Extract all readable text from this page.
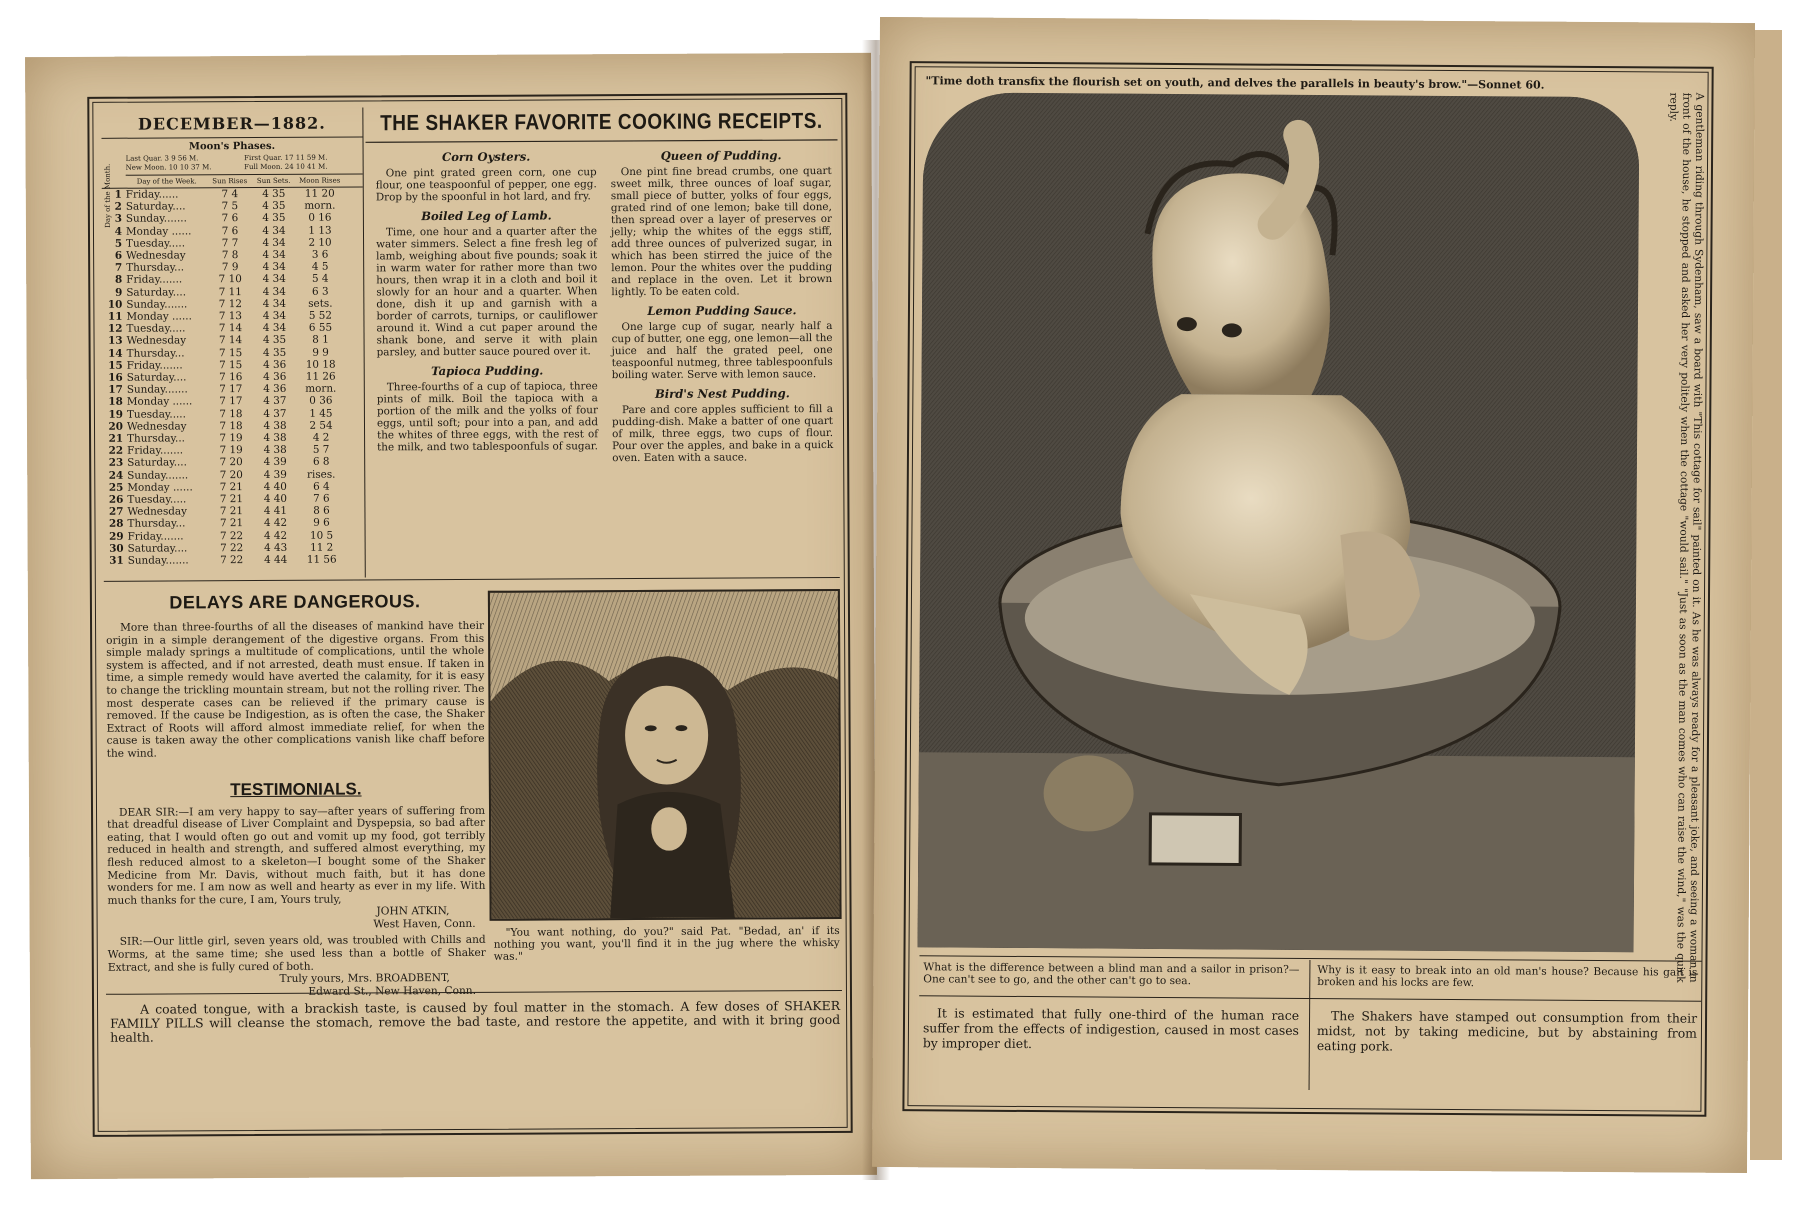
DECEMBER—1882.
Day of the Month.
Moon's Phases.
Last Quar. 3 9 56 M.	First Quar. 17 11 59 M.
New Moon. 10 10 37 M.	Full Moon. 24 10 41 M.
Day of the Week.	Sun Rises	Sun Sets.	Moon Rises
1 Friday......	7 4	4 35	11 20
2 Saturday....	7 5	4 35	morn.
3 Sunday.......	7 6	4 35	0 16
4 Monday ......	7 6	4 34	1 13
5 Tuesday.....	7 7	4 34	2 10
6 Wednesday	7 8	4 34	3 6
7 Thursday...	7 9	4 34	4 5
8 Friday.......	7 10	4 34	5 4
9 Saturday....	7 11	4 34	6 3
10 Sunday.......	7 12	4 34	sets.
11 Monday ......	7 13	4 34	5 52
12 Tuesday.....	7 14	4 34	6 55
13 Wednesday	7 14	4 35	8 1
14 Thursday...	7 15	4 35	9 9
15 Friday.......	7 15	4 36	10 18
16 Saturday....	7 16	4 36	11 26
17 Sunday.......	7 17	4 36	morn.
18 Monday ......	7 17	4 37	0 36
19 Tuesday.....	7 18	4 37	1 45
20 Wednesday	7 18	4 38	2 54
21 Thursday...	7 19	4 38	4 2
22 Friday.......	7 19	4 38	5 7
23 Saturday....	7 20	4 39	6 8
24 Sunday.......	7 20	4 39	rises.
25 Monday ......	7 21	4 40	6 4
26 Tuesday.....	7 21	4 40	7 6
27 Wednesday	7 21	4 41	8 6
28 Thursday...	7 21	4 42	9 6
29 Friday.......	7 22	4 42	10 5
30 Saturday....	7 22	4 43	11 2
31 Sunday.......	7 22	4 44	11 56
THE SHAKER FAVORITE COOKING RECEIPTS.
Corn Oysters.

One pint grated green corn, one cup flour, one teaspoonful of pepper, one egg. Drop by the spoonful in hot lard, and fry.

Boiled Leg of Lamb.

Time, one hour and a quarter after the water simmers. Select a fine fresh leg of lamb, weighing about five pounds; soak it in warm water for rather more than two hours, then wrap it in a cloth and boil it slowly for an hour and a quarter. When done, dish it up and garnish with a border of carrots, turnips, or cauliflower around it. Wind a cut paper around the shank bone, and serve it with plain parsley, and butter sauce poured over it.

Tapioca Pudding.

Three-fourths of a cup of tapioca, three pints of milk. Boil the tapioca with a portion of the milk and the yolks of four eggs, until soft; pour into a pan, and add the whites of three eggs, with the rest of the milk, and two tablespoonfuls of sugar.

Queen of Pudding.

One pint fine bread crumbs, one quart sweet milk, three ounces of loaf sugar, small piece of butter, yolks of four eggs, grated rind of one lemon; bake till done, then spread over a layer of preserves or jelly; whip the whites of the eggs stiff, add three ounces of pulverized sugar, in which has been stirred the juice of the lemon. Pour the whites over the pudding and replace in the oven. Let it brown lightly. To be eaten cold.

Lemon Pudding Sauce.

One large cup of sugar, nearly half a cup of butter, one egg, one lemon—all the juice and half the grated peel, one teaspoonful nutmeg, three tablespoonfuls boiling water. Serve with lemon sauce.

Bird's Nest Pudding.

Pare and core apples sufficient to fill a pudding-dish. Make a batter of one quart of milk, three eggs, two cups of flour. Pour over the apples, and bake in a quick oven. Eaten with a sauce.

DELAYS ARE DANGEROUS.

More than three-fourths of all the diseases of mankind have their origin in a simple derangement of the digestive organs. From this simple malady springs a multitude of complications, until the whole system is affected, and if not arrested, death must ensue. If taken in time, a simple remedy would have averted the calamity, for it is easy to change the trickling mountain stream, but not the rolling river. The most desperate cases can be relieved if the primary cause is removed. If the cause be Indigestion, as is often the case, the Shaker Extract of Roots will afford almost immediate relief, for when the cause is taken away the other complications vanish like chaff before the wind.

TESTIMONIALS.

DEAR SIR:—I am very happy to say—after years of suffering from that dreadful disease of Liver Complaint and Dyspepsia, so bad after eating, that I would often go out and vomit up my food, got terribly reduced in health and strength, and suffered almost everything, my flesh reduced almost to a skeleton—I bought some of the Shaker Medicine from Mr. Davis, without much faith, but it has done wonders for me. I am now as well and hearty as ever in my life. With much thanks for the cure, I am, Yours truly,

JOHN ATKIN,
West Haven, Conn.

SIR:—Our little girl, seven years old, was troubled with Chills and Worms, at the same time; she used less than a bottle of Shaker Extract, and she is fully cured of both.

Truly yours, Mrs. BROADBENT,
Edward St., New Haven, Conn.

"You want nothing, do you?" said Pat. "Bedad, an' if its nothing you want, you'll find it in the jug where the whisky was."

A coated tongue, with a brackish taste, is caused by foul matter in the stomach. A few doses of SHAKER FAMILY PILLS will cleanse the stomach, remove the bad taste, and restore the appetite, and with it bring good health.

"Time doth transfix the flourish set on youth, and delves the parallels in beauty's brow."—Sonnet 60.
A gentleman riding through Sydenham, saw a board with "This cottage for sail" painted on it. As he was always ready for a pleasant joke, and seeing a woman in front of the house, he stopped and asked her very politely when the cottage "would sail." "Just as soon as the man comes who can raise the wind," was the quick reply.

What is the difference between a blind man and a sailor in prison?—One can't see to go, and the other can't go to sea.

Why is it easy to break into an old man's house? Because his gait is broken and his locks are few.

It is estimated that fully one-third of the human race suffer from the effects of indigestion, caused in most cases by improper diet.

The Shakers have stamped out consumption from their midst, not by taking medicine, but by abstaining from eating pork.
